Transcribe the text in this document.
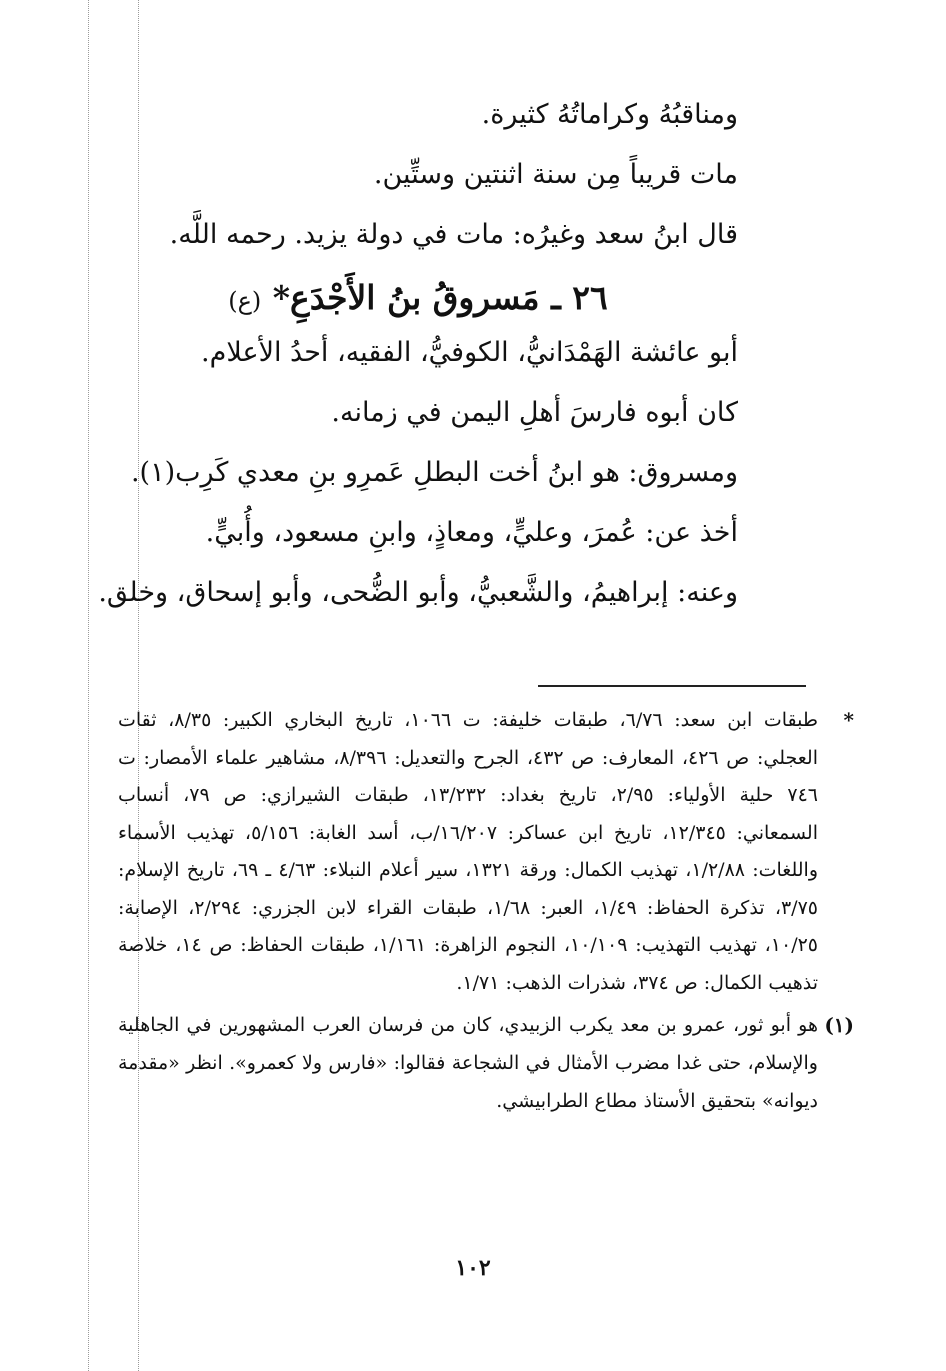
ومناقبُهُ وكراماتُهُ كثيرة.
مات قريباً مِن سنة اثنتين وستِّين.
قال ابنُ سعد وغيرُه: مات في دولة يزيد. رحمه اللَّه.
٢٦ ـ مَسروقُ بنُ الأَجْدَعِ* (ع)
أبو عائشة الهَمْدَانيُّ، الكوفيُّ، الفقيه، أحدُ الأعلام.
كان أبوه فارسَ أهلِ اليمن في زمانه.
ومسروق: هو ابنُ أخت البطلِ عَمرِو بنِ معدي كَرِب(١).
أخذ عن: عُمرَ، وعليٍّ، ومعاذٍ، وابنِ مسعود، وأُبيٍّ.
وعنه: إبراهيمُ، والشَّعبيُّ، وأبو الضُّحى، وأبو إسحاق، وخلق.
*
طبقات ابن سعد: ٦/٧٦، طبقات خليفة: ت ١٠٦٦، تاريخ البخاري الكبير: ٨/٣٥، ثقات العجلي: ص ٤٢٦، المعارف: ص ٤٣٢، الجرح والتعديل: ٨/٣٩٦، مشاهير علماء الأمصار: ت ٧٤٦ حلية الأولياء: ٢/٩٥، تاريخ بغداد: ١٣/٢٣٢، طبقات الشيرازي: ص ٧٩، أنساب السمعاني: ١٢/٣٤٥، تاريخ ابن عساكر: ١٦/٢٠٧/ب، أسد الغابة: ٥/١٥٦، تهذيب الأسماء واللغات: ١/٢/٨٨، تهذيب الكمال: ورقة ١٣٢١، سير أعلام النبلاء: ٤/٦٣ ـ ٦٩، تاريخ الإسلام: ٣/٧٥، تذكرة الحفاظ: ١/٤٩، العبر: ١/٦٨، طبقات القراء لابن الجزري: ٢/٢٩٤، الإصابة: ١٠/٢٥، تهذيب التهذيب: ١٠/١٠٩، النجوم الزاهرة: ١/١٦١، طبقات الحفاظ: ص ١٤، خلاصة تذهيب الكمال: ص ٣٧٤، شذرات الذهب: ١/٧١.
(١)
هو أبو ثور، عمرو بن معد يكرب الزبيدي، كان من فرسان العرب المشهورين في الجاهلية والإسلام، حتى غدا مضرب الأمثال في الشجاعة فقالوا: «فارس ولا كعمرو». انظر «مقدمة ديوانه» بتحقيق الأستاذ مطاع الطرابيشي.
١٠٢
